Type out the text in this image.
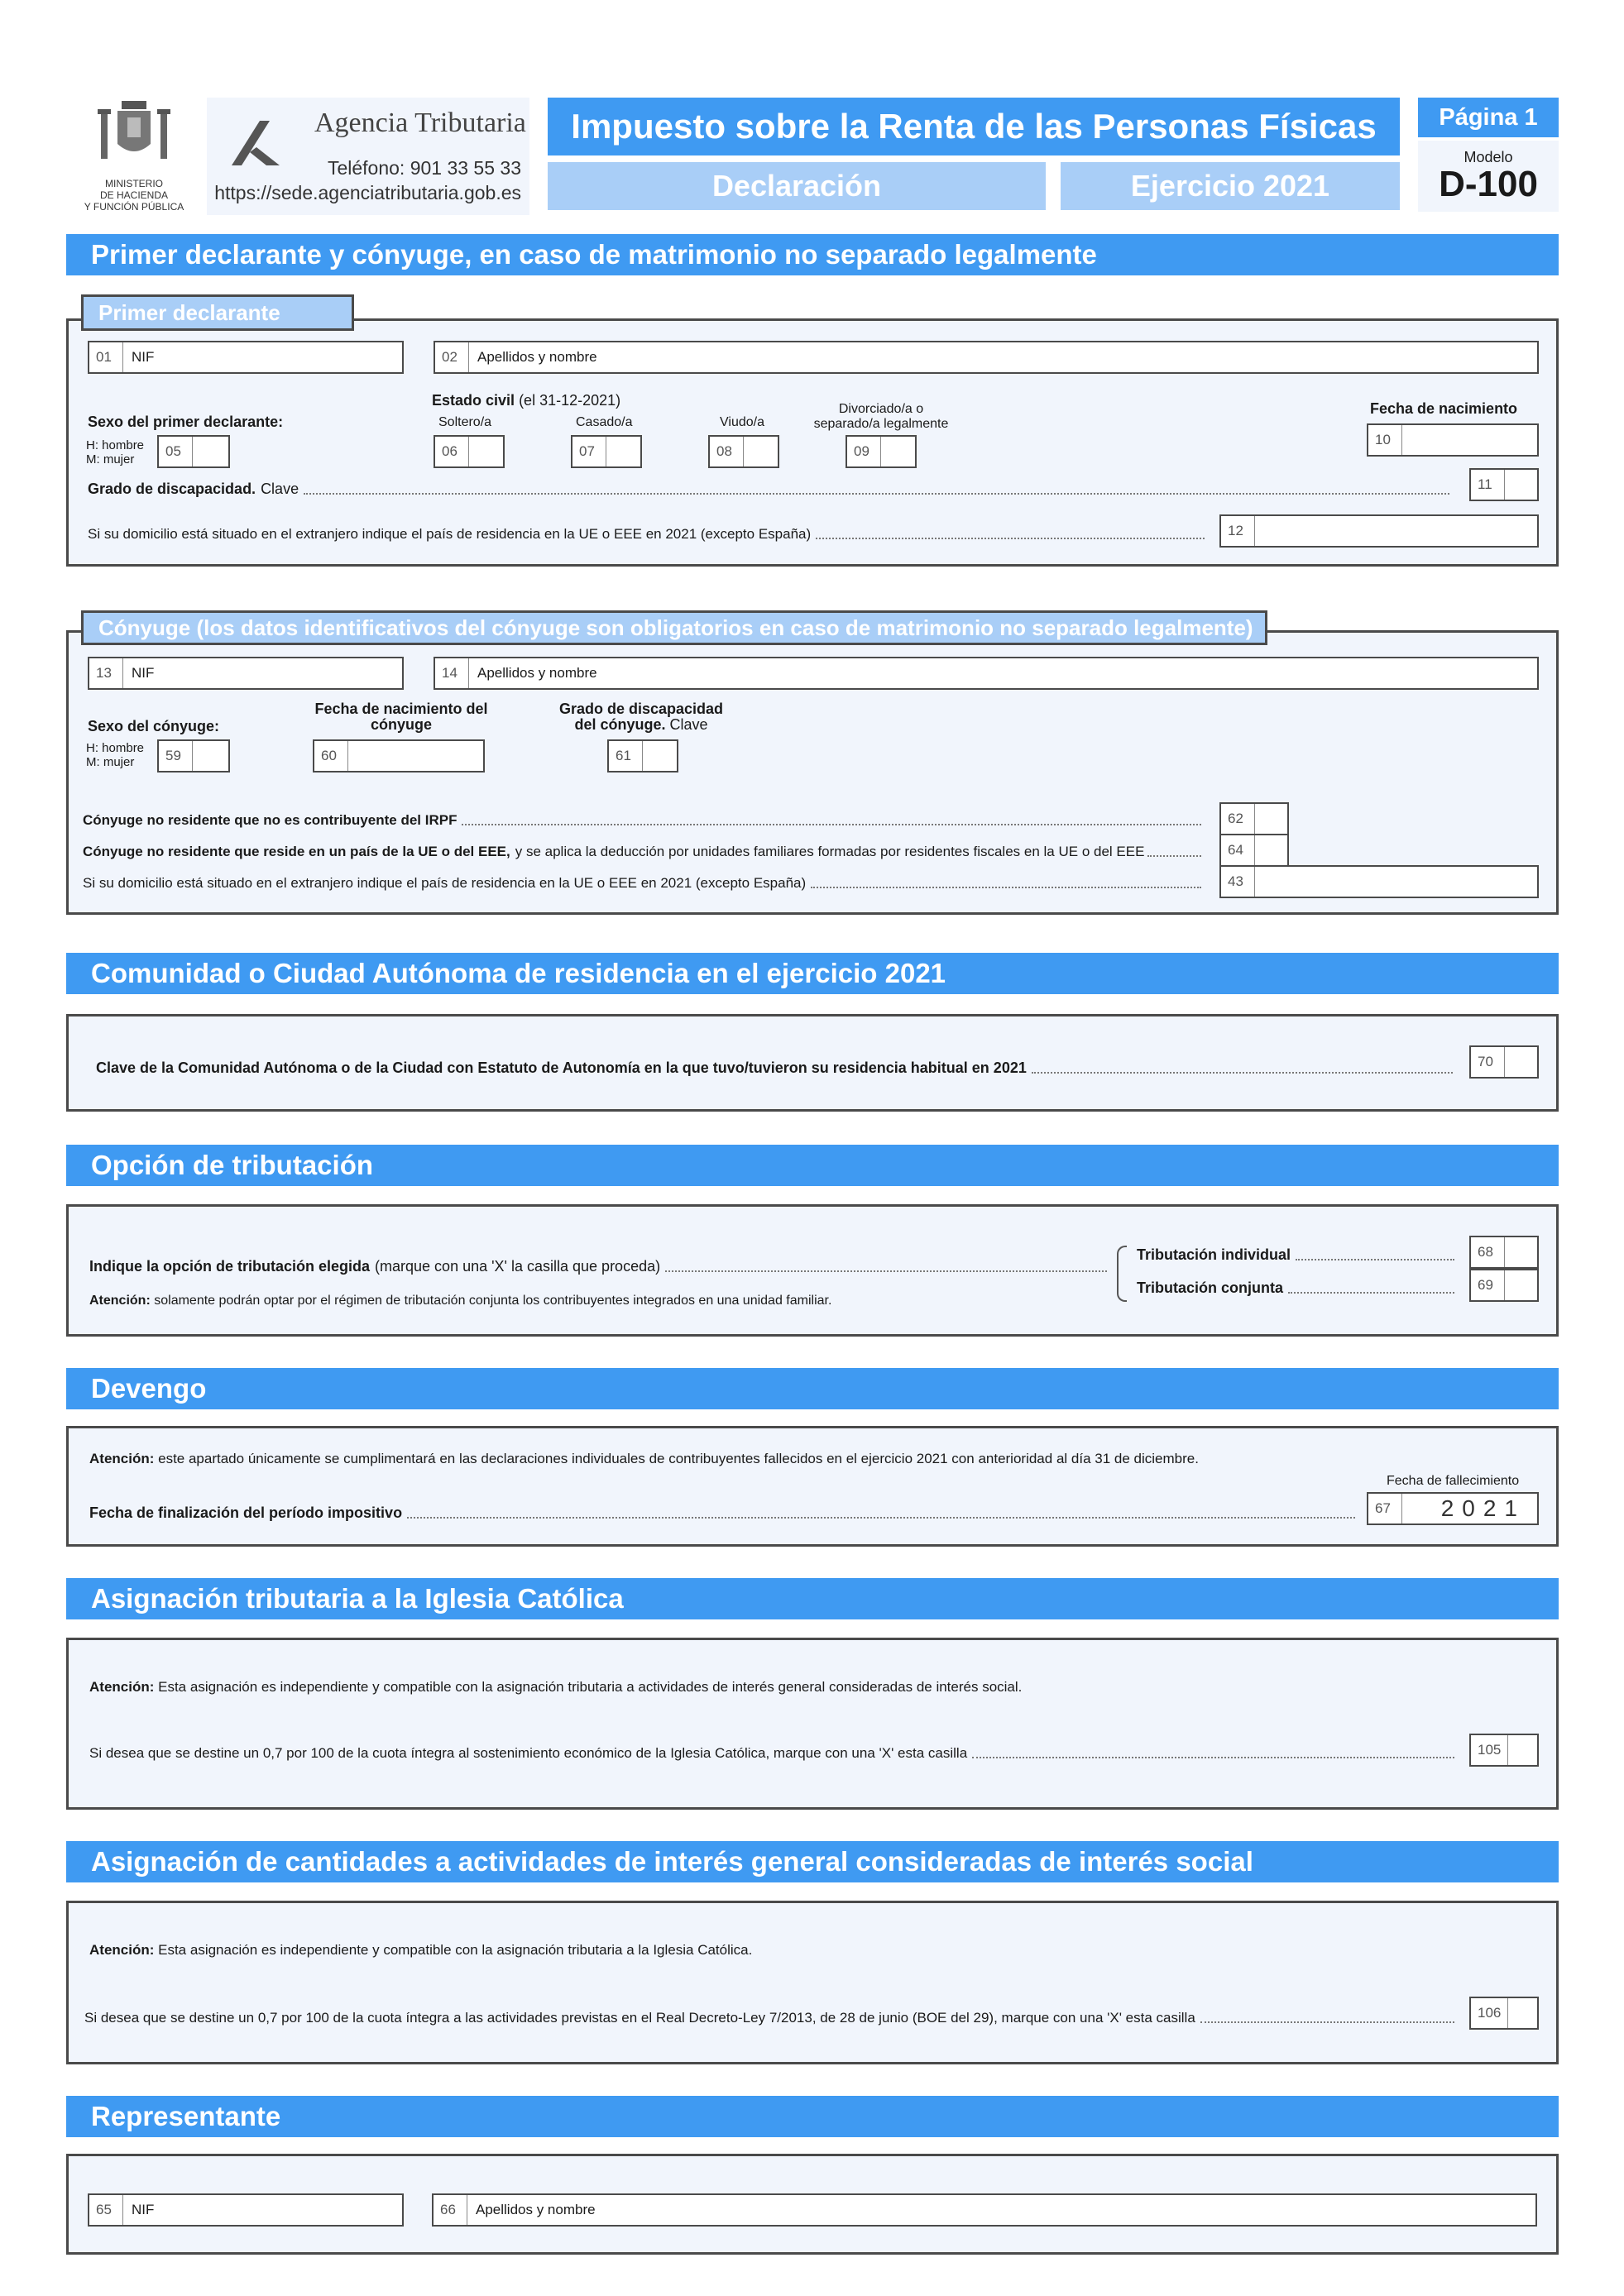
MINISTERIO
DE HACIENDA
Y FUNCIÓN PÚBLICA
Agencia Tributaria
Teléfono: 901 33 55 33
https://sede.agenciatributaria.gob.es
Impuesto sobre la Renta de las Personas Físicas
Declaración	Ejercicio 2021
Página 1
Modelo
D-100
Primer declarante y cónyuge, en caso de matrimonio no separado legalmente
Primer declarante
01	NIF	02	Apellidos y nombre
Estado civil (el 31-12-2021)
Sexo del primer declarante:
H: hombre
M: mujer
05
Soltero/a
06
Casado/a
07
Viudo/a
08
Divorciado/a o
separado/a legalmente
09
Fecha de nacimiento
10
Grado de discapacidad. Clave	11
Si su domicilio está situado en el extranjero indique el país de residencia en la UE o EEE en 2021 (excepto España)	12
Cónyuge (los datos identificativos del cónyuge son obligatorios en caso de matrimonio no separado legalmente)
13	NIF	14	Apellidos y nombre
Sexo del cónyuge:
H: hombre
M: mujer	59
Fecha de nacimiento del
cónyuge
60
Grado de discapacidad
del cónyuge. Clave
61
Cónyuge no residente que no es contribuyente del IRPF	62
Cónyuge no residente que reside en un país de la UE o del EEE, y se aplica la deducción por unidades familiares formadas por residentes fiscales en la UE o del EEE	64
Si su domicilio está situado en el extranjero indique el país de residencia en la UE o EEE en 2021 (excepto España)	43
Comunidad o Ciudad Autónoma de residencia en el ejercicio 2021
Clave de la Comunidad Autónoma o de la Ciudad con Estatuto de Autonomía en la que tuvo/tuvieron su residencia habitual en 2021	70
Opción de tributación
Indique la opción de tributación elegida (marque con una 'X' la casilla que proceda)
Atención: solamente podrán optar por el régimen de tributación conjunta los contribuyentes integrados en una unidad familiar.
Tributación individual	68
Tributación conjunta	69
Devengo
Atención: este apartado únicamente se cumplimentará en las declaraciones individuales de contribuyentes fallecidos en el ejercicio 2021 con anterioridad al día 31 de diciembre.
Fecha de fallecimiento
Fecha de finalización del período impositivo	67	2021
Asignación tributaria a la Iglesia Católica
Atención: Esta asignación es independiente y compatible con la asignación tributaria a actividades de interés general consideradas de interés social.
Si desea que se destine un 0,7 por 100 de la cuota íntegra al sostenimiento económico de la Iglesia Católica, marque con una 'X' esta casilla	105
Asignación de cantidades a actividades de interés general consideradas de interés social
Atención: Esta asignación es independiente y compatible con la asignación tributaria a la Iglesia Católica.
Si desea que se destine un 0,7 por 100 de la cuota íntegra a las actividades previstas en el Real Decreto-Ley 7/2013, de 28 de junio (BOE del 29), marque con una 'X' esta casilla	106
Representante
65	NIF	66	Apellidos y nombre
